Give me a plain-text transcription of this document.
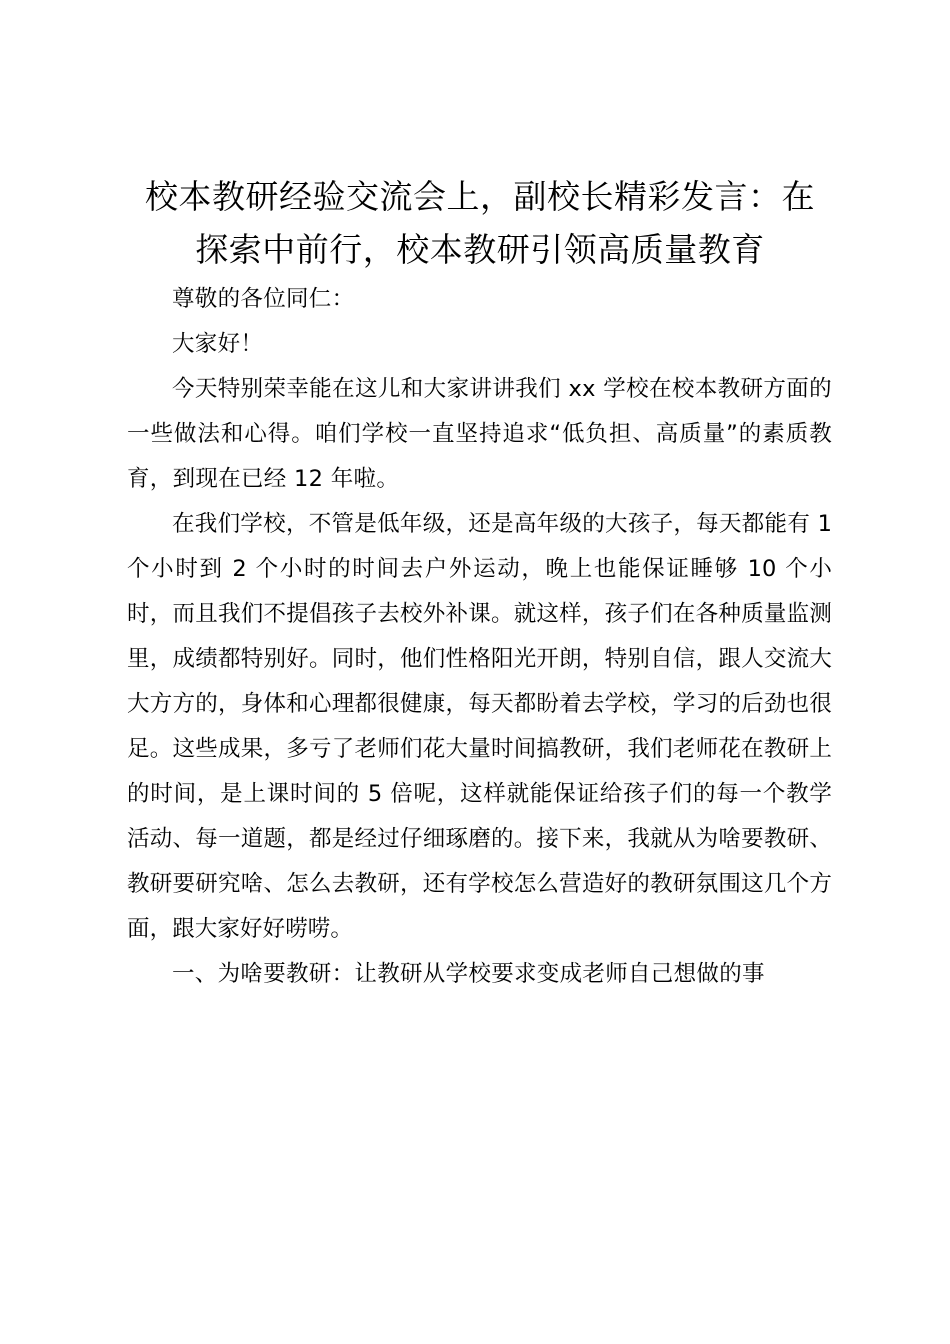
校本教研经验交流会上，副校长精彩发言：在
探索中前行，校本教研引领高质量教育

尊敬的各位同仁：

大家好！

今天特别荣幸能在这儿和大家讲讲我们 xx 学校在校本教研方面的一些做法和心得。咱们学校一直坚持追求“低负担、高质量”的素质教育，到现在已经 12 年啦。

在我们学校，不管是低年级，还是高年级的大孩子，每天都能有 1 个小时到 2 个小时的时间去户外运动，晚上也能保证睡够 10 个小时，而且我们不提倡孩子去校外补课。就这样，孩子们在各种质量监测里，成绩都特别好。同时，他们性格阳光开朗，特别自信，跟人交流大大方方的，身体和心理都很健康，每天都盼着去学校，学习的后劲也很足。这些成果，多亏了老师们花大量时间搞教研，我们老师花在教研上的时间，是上课时间的 5 倍呢，这样就能保证给孩子们的每一个教学活动、每一道题，都是经过仔细琢磨的。接下来，我就从为啥要教研、教研要研究啥、怎么去教研，还有学校怎么营造好的教研氛围这几个方面，跟大家好好唠唠。

一、为啥要教研：让教研从学校要求变成老师自己想做的事
